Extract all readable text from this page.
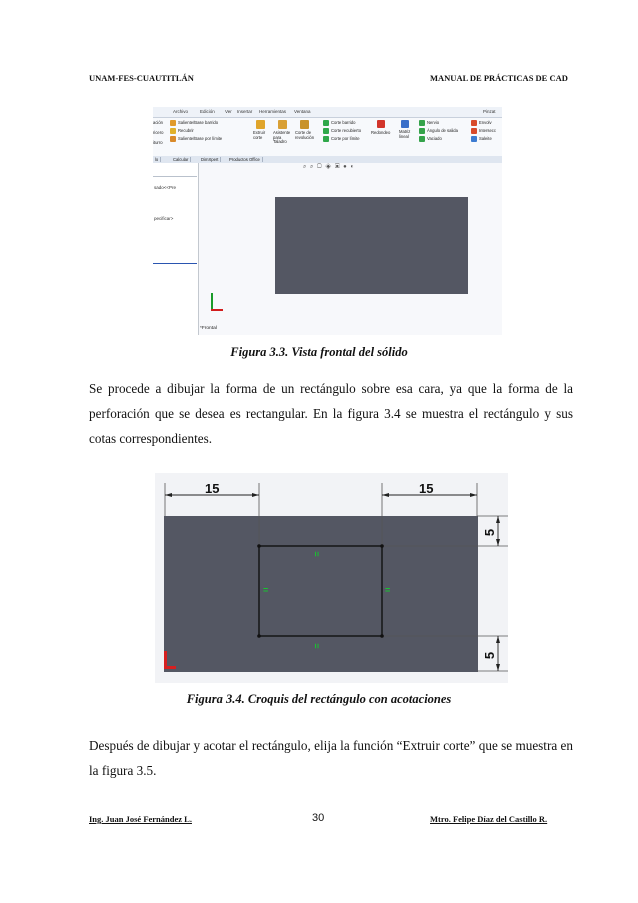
UNAM-FES-CUAUTITLÁN	MANUAL DE PRÁCTICAS DE CAD
Archivo	Edición Ver Insertar Herramientas Ventana	Pinzat
ación
ricero
iturro
Saliente/Base barrido
Recubrir
Saliente/Base por límite
Extruir corte
Asistente para Taladro
Corte de revolución
Corte barrido
Corte recubierto
Corte por límite
Redondeo Matriz lineal
Nervio
Ángulo de salida
Vaciado
Envolv
Intersecc
Saleite
lo	Calcular	DimXpert	Productos Office
sado<<Pre
pecificar>
⌕ ⌕ ▢ ◈ ▣ ● ◐
*Frontal
Figura 3.3. Vista frontal del sólido
Se procede a dibujar la forma de un rectángulo sobre esa cara, ya que la forma de la perforación que se desea es rectangular. En la figura 3.4 se muestra el rectángulo y sus cotas correspondientes.
15	15
5
5
=
=
=	=
Figura 3.4. Croquis del rectángulo con acotaciones
Después de dibujar y acotar el rectángulo, elija la función “Extruir corte” que se muestra en la figura 3.5.
Ing. Juan José Fernández L.	30	Mtro. Felipe Díaz del Castillo R.
